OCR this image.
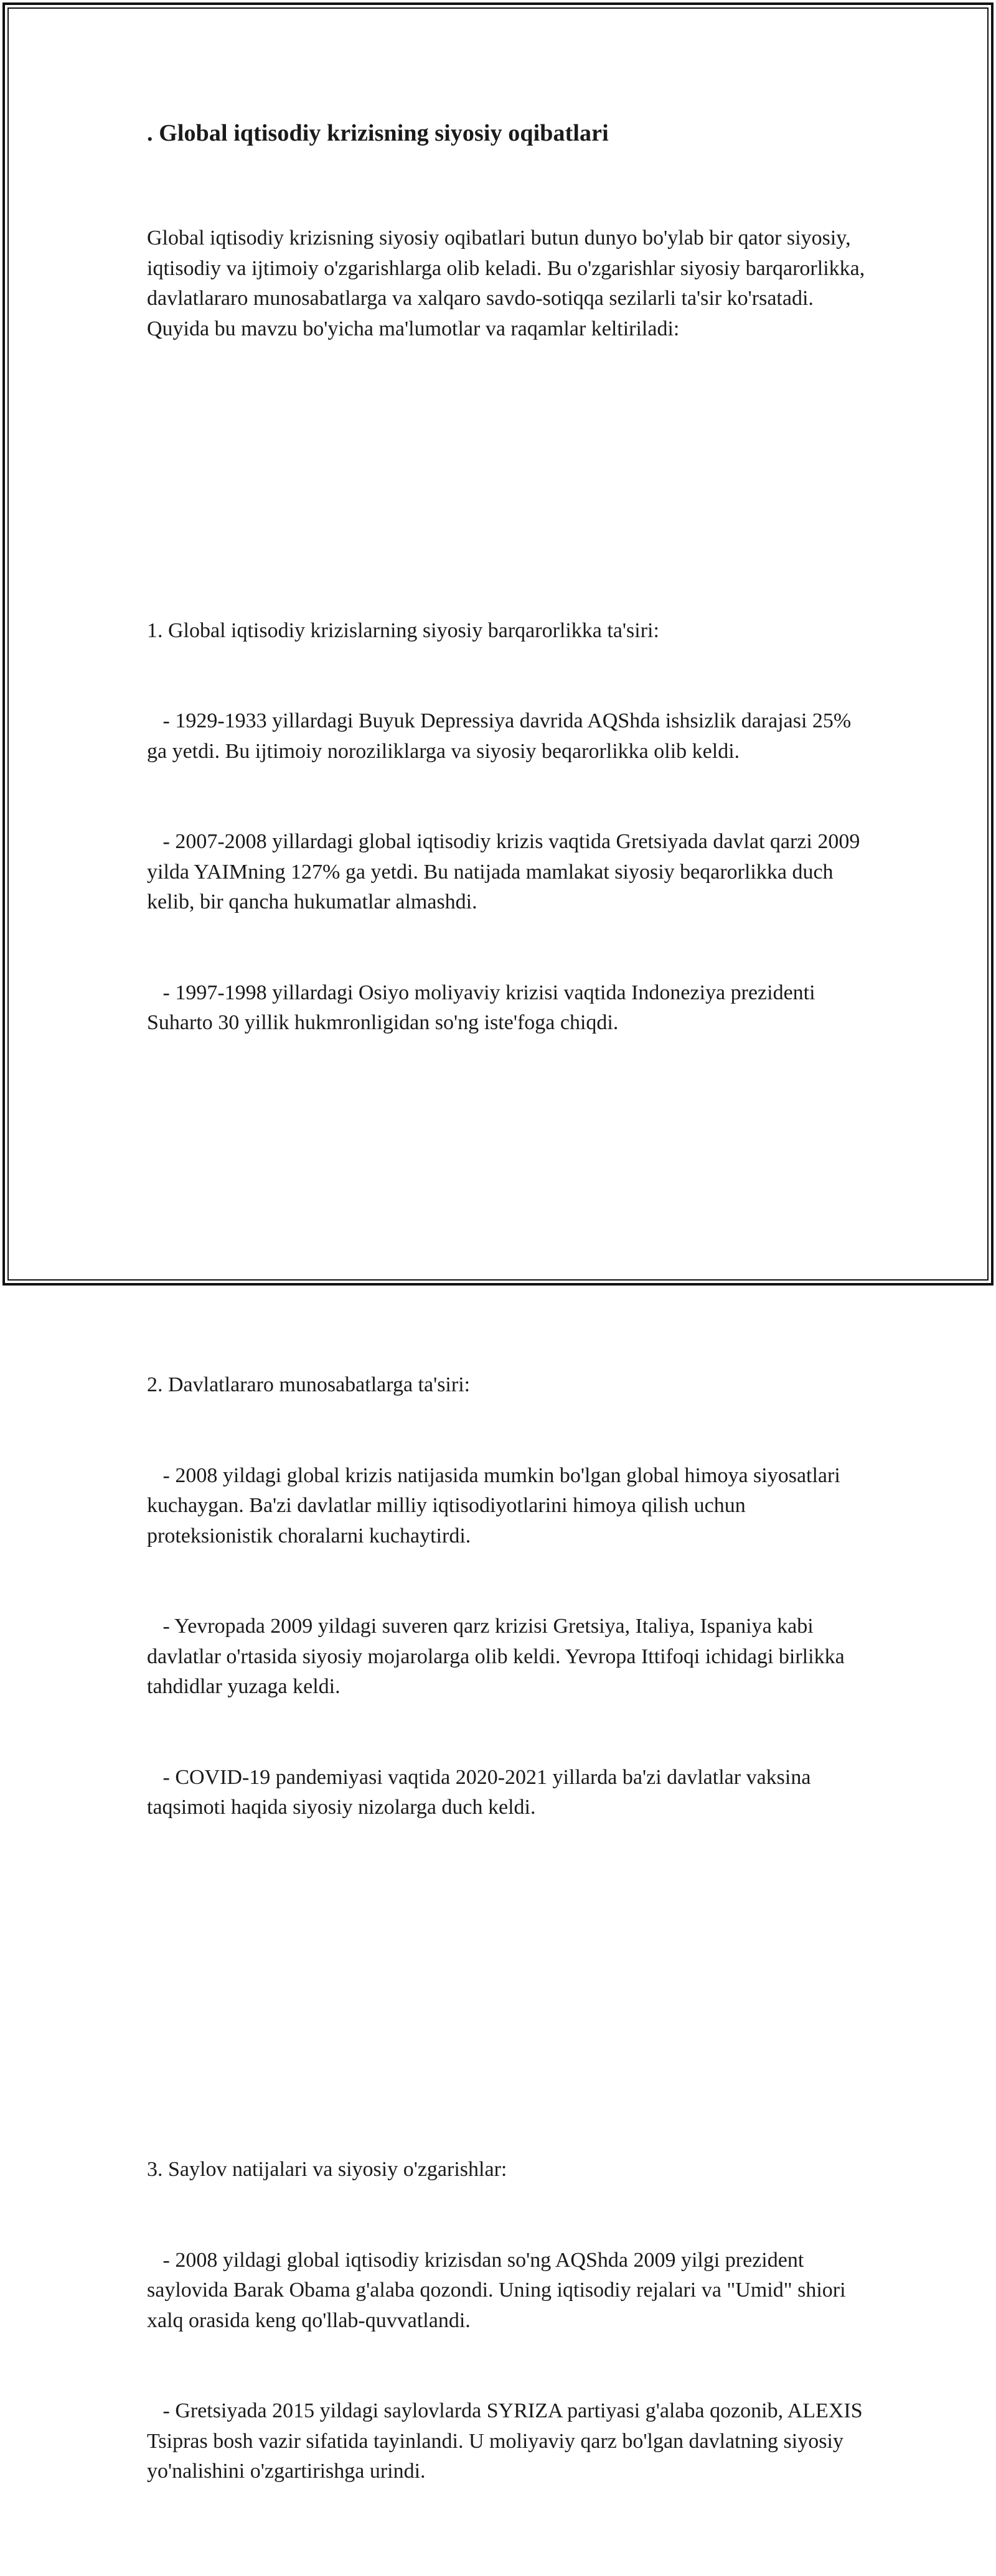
. Global iqtisodiy krizisning siyosiy oqibatlari

Global iqtisodiy krizisning siyosiy oqibatlari butun dunyo bo'ylab bir qator siyosiy, iqtisodiy va ijtimoiy o'zgarishlarga olib keladi. Bu o'zgarishlar siyosiy barqarorlikka, davlatlararo munosabatlarga va xalqaro savdo-sotiqqa sezilarli ta'sir ko'rsatadi. Quyida bu mavzu bo'yicha ma'lumotlar va raqamlar keltiriladi:

1. Global iqtisodiy krizislarning siyosiy barqarorlikka ta'siri:

- 1929-1933 yillardagi Buyuk Depressiya davrida AQShda ishsizlik darajasi 25% ga yetdi. Bu ijtimoiy noroziliklarga va siyosiy beqarorlikka olib keldi.

- 2007-2008 yillardagi global iqtisodiy krizis vaqtida Gretsiyada davlat qarzi 2009 yilda YAIMning 127% ga yetdi. Bu natijada mamlakat siyosiy beqarorlikka duch kelib, bir qancha hukumatlar almashdi.

- 1997-1998 yillardagi Osiyo moliyaviy krizisi vaqtida Indoneziya prezidenti Suharto 30 yillik hukmronligidan so'ng iste'foga chiqdi.

2. Davlatlararo munosabatlarga ta'siri:

- 2008 yildagi global krizis natijasida mumkin bo'lgan global himoya siyosatlari kuchaygan. Ba'zi davlatlar milliy iqtisodiyotlarini himoya qilish uchun proteksionistik choralarni kuchaytirdi.

- Yevropada 2009 yildagi suveren qarz krizisi Gretsiya, Italiya, Ispaniya kabi davlatlar o'rtasida siyosiy mojarolarga olib keldi. Yevropa Ittifoqi ichidagi birlikka tahdidlar yuzaga keldi.

- COVID-19 pandemiyasi vaqtida 2020-2021 yillarda ba'zi davlatlar vaksina taqsimoti haqida siyosiy nizolarga duch keldi.

3. Saylov natijalari va siyosiy o'zgarishlar:

- 2008 yildagi global iqtisodiy krizisdan so'ng AQShda 2009 yilgi prezident saylovida Barak Obama g'alaba qozondi. Uning iqtisodiy rejalari va "Umid" shiori xalq orasida keng qo'llab-quvvatlandi.

- Gretsiyada 2015 yildagi saylovlarda SYRIZA partiyasi g'alaba qozonib, ALEXIS Tsipras bosh vazir sifatida tayinlandi. U moliyaviy qarz bo'lgan davlatning siyosiy yo'nalishini o'zgartirishga urindi.
